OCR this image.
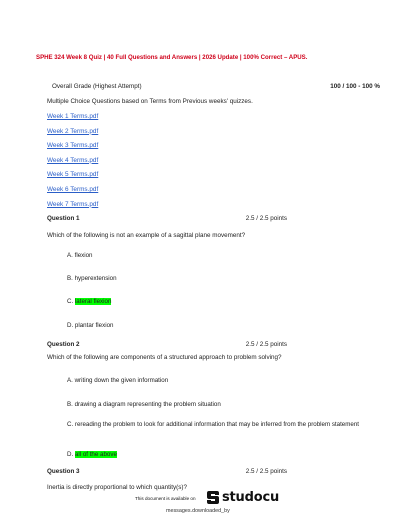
SPHE 324 Week 8 Quiz | 40 Full Questions and Answers | 2026 Update | 100% Correct – APUS.
Overall Grade (Highest Attempt)	100 / 100 - 100 %
Multiple Choice Questions based on Terms from Previous weeks' quizzes.
Week 1 Terms.pdf
Week 2 Terms.pdf
Week 3 Terms.pdf
Week 4 Terms.pdf
Week 5 Terms.pdf
Week 6 Terms.pdf
Week 7 Terms.pdf
Question 1	2.5 / 2.5 points
Which of the following is not an example of a sagittal plane movement?
A. flexion
B. hyperextension
C. lateral flexion
D. plantar flexion
Question 2	2.5 / 2.5 points
Which of the following are components of a structured approach to problem solving?
A. writing down the given information
B. drawing a diagram representing the problem situation
C. rereading the problem to look for additional information that may be inferred from the problem statement
D. all of the above
Question 3	2.5 / 2.5 points
Inertia is directly proportional to which quantity(s)?
This document is available on studocu
messages.downloaded_by
